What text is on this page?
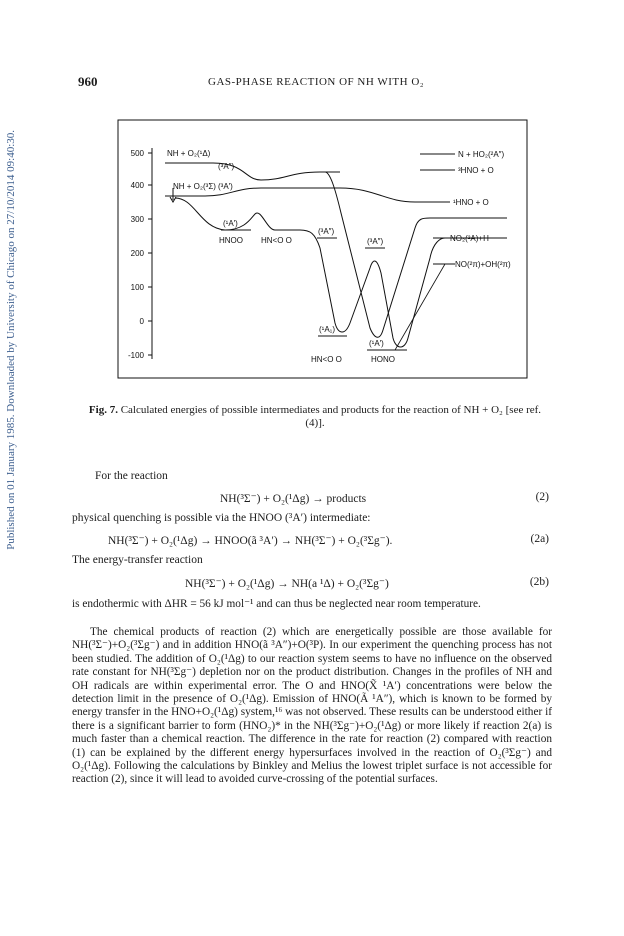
Published on 01 January 1985. Downloaded by University of Chicago on 27/10/2014 09:40:30.
960	GAS-PHASE REACTION OF NH WITH O₂
500
400
300
200
100
0
-100
NH + O₂(¹Δ)
NH + O₂(³Σ)
(³A″)
(³A′)
(¹A′)
HNOO HN<O O
(³A″)
(³A″)
(¹A₁)
(¹A′)
HN<O O	HONO
N + HO₂(²A″)
³HNO + O
¹HNO + O
NO₂(²A)+H
NO(²π)+OH(²π)
Fig. 7. Calculated energies of possible intermediates and products for the reaction of NH + O₂ [see ref. (4)].
For the reaction
NH(³Σ⁻) + O₂(¹Δg) → products	(2)
physical quenching is possible via the HNOO (³A′) intermediate:
NH(³Σ⁻) + O₂(¹Δg) → HNOO(ã ³A′) → NH(³Σ⁻) + O₂(³Σg⁻).	(2a)
The energy-transfer reaction
NH(³Σ⁻) + O₂(¹Δg) → NH(a ¹Δ) + O₂(³Σg⁻)	(2b)
is endothermic with ΔHR = 56 kJ mol⁻¹ and can thus be neglected near room temperature.
The chemical products of reaction (2) which are energetically possible are those available for NH(³Σ⁻)+O₂(³Σg⁻) and in addition HNO(ã ³A″)+O(³P). In our experiment the quenching process has not been studied. The addition of O₂(¹Δg) to our reaction system seems to have no influence on the observed rate constant for NH(³Σg⁻) depletion nor on the product distribution. Changes in the profiles of NH and OH radicals are within experimental error. The O and HNO(X̃ ¹A′) concentrations were below the detection limit in the presence of O₂(¹Δg). Emission of HNO(Ã ¹A″), which is known to be formed by energy transfer in the HNO+O₂(¹Δg) system,¹⁶ was not observed. These results can be understood either if there is a significant barrier to form (HNO₂)* in the NH(³Σg⁻)+O₂(¹Δg) or more likely if reaction 2(a) is much faster than a chemical reaction. The difference in the rate for reaction (2) compared with reaction (1) can be explained by the different energy hypersurfaces involved in the reaction of O₂(³Σg⁻) and O₂(¹Δg). Following the calculations by Binkley and Melius the lowest triplet surface is not accessible for reaction (2), since it will lead to avoided curve-crossing of the potential surfaces.
